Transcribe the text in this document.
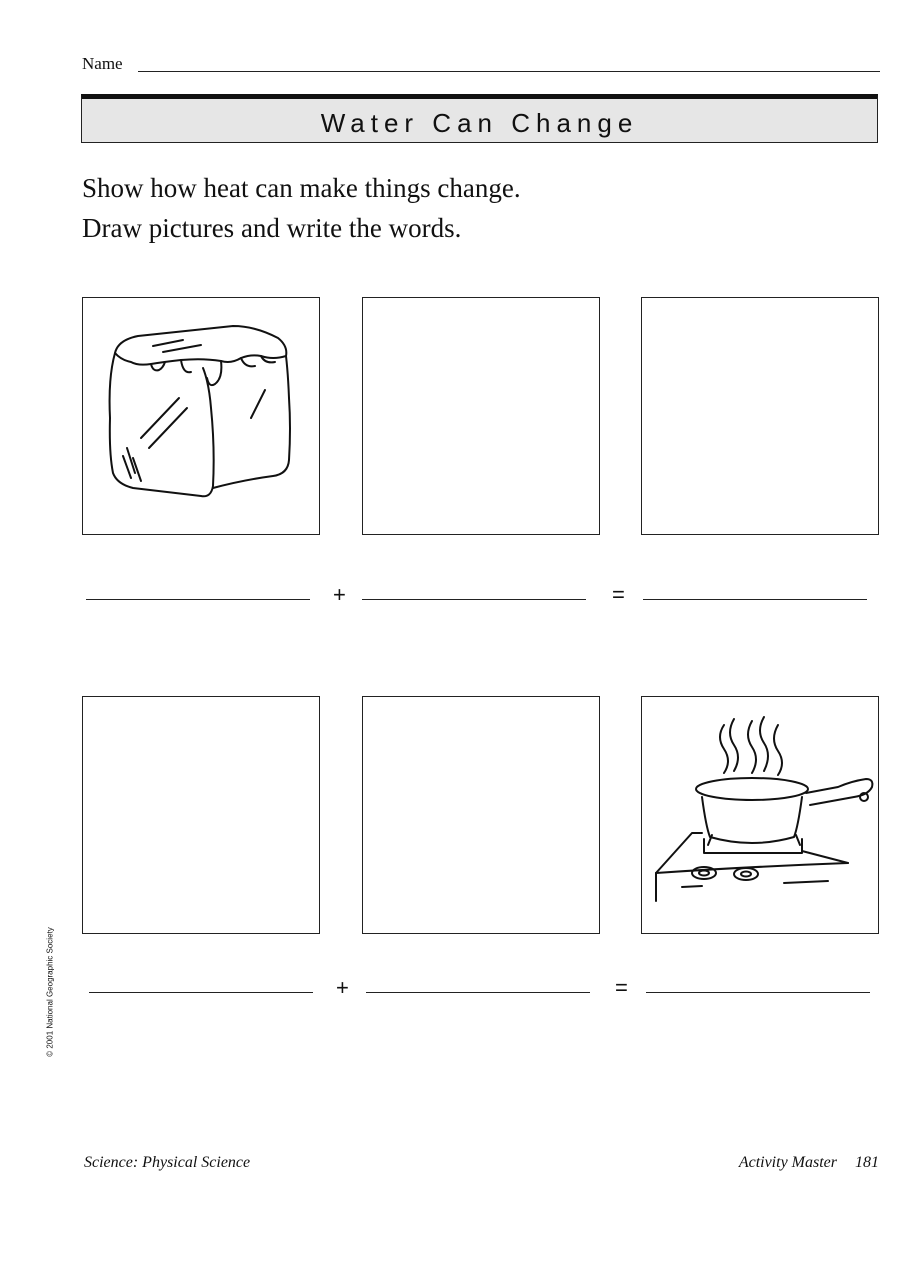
Name
Water Can Change
Show how heat can make things change.
Draw pictures and write the words.
+	=
+	=
© 2001 National Geographic Society
Science: Physical Science	Activity Master 181
